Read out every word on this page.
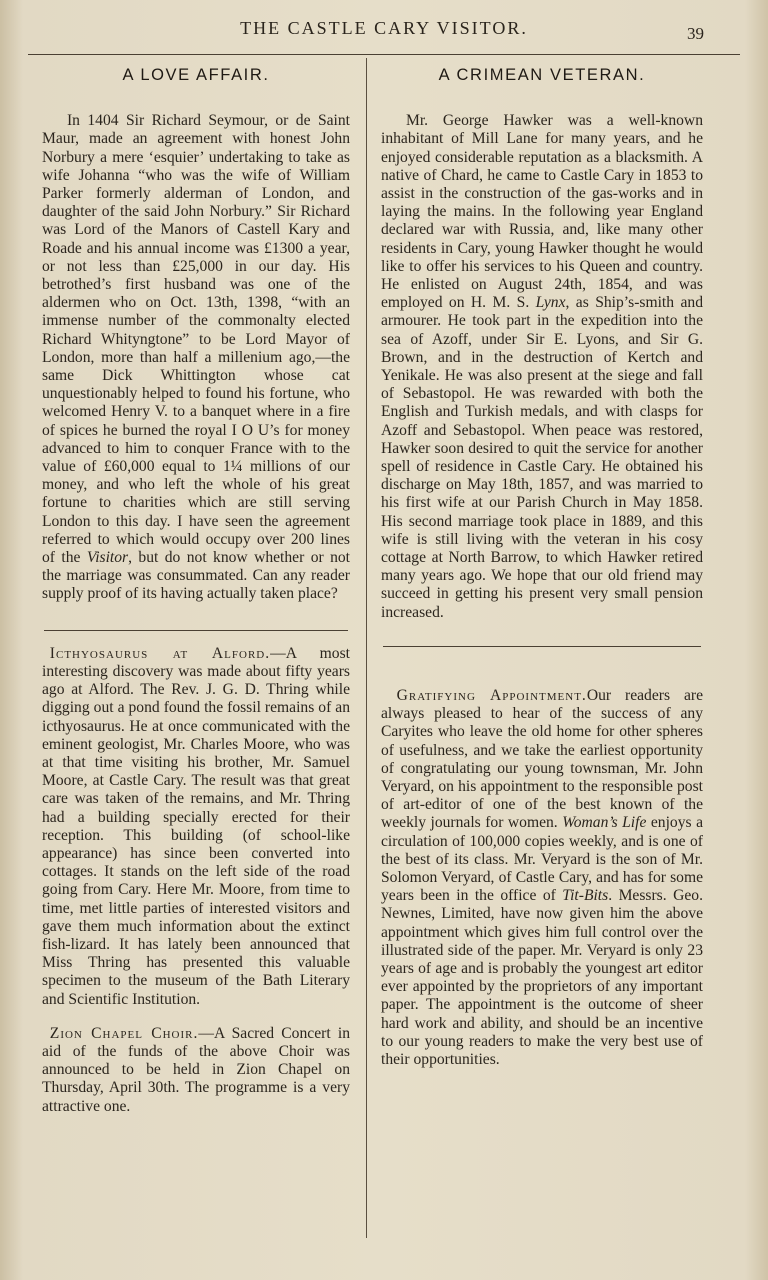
THE CASTLE CARY VISITOR.	39
A LOVE AFFAIR.

In 1404 Sir Richard Seymour, or de Saint Maur, made an agreement with honest John Norbury a mere ‘esquier’ undertaking to take as wife Johanna “who was the wife of William Parker formerly alderman of London, and daughter of the said John Norbury.” Sir Richard was Lord of the Manors of Castell Kary and Roade and his annual income was £1300 a year, or not less than £25,000 in our day. His betrothed’s first husband was one of the aldermen who on Oct. 13th, 1398, “with an immense number of the commonalty elected Richard Whityngtone” to be Lord Mayor of London, more than half a millenium ago,—the same Dick Whittington whose cat unquestionably helped to found his fortune, who welcomed Henry V. to a banquet where in a fire of spices he burned the royal I O U’s for money advanced to him to conquer France with to the value of £60,000 equal to 1¼ millions of our money, and who left the whole of his great fortune to charities which are still serving London to this day. I have seen the agreement referred to which would occupy over 200 lines of the Visitor, but do not know whether or not the marriage was consummated. Can any reader supply proof of its having actually taken place?

Icthyosaurus at Alford.—A most interesting discovery was made about fifty years ago at Alford. The Rev. J. G. D. Thring while digging out a pond found the fossil remains of an icthyosaurus. He at once communicated with the eminent geologist, Mr. Charles Moore, who was at that time visiting his brother, Mr. Samuel Moore, at Castle Cary. The result was that great care was taken of the remains, and Mr. Thring had a building specially erected for their reception. This building (of school-like appearance) has since been converted into cottages. It stands on the left side of the road going from Cary. Here Mr. Moore, from time to time, met little parties of interested visitors and gave them much information about the extinct fish-lizard. It has lately been announced that Miss Thring has presented this valuable specimen to the museum of the Bath Literary and Scientific Institution.

Zion Chapel Choir.—A Sacred Concert in aid of the funds of the above Choir was announced to be held in Zion Chapel on Thursday, April 30th. The programme is a very attractive one.

A CRIMEAN VETERAN.

Mr. George Hawker was a well-known inhabitant of Mill Lane for many years, and he enjoyed considerable reputation as a blacksmith. A native of Chard, he came to Castle Cary in 1853 to assist in the construction of the gas-works and in laying the mains. In the following year England declared war with Russia, and, like many other residents in Cary, young Hawker thought he would like to offer his services to his Queen and country. He enlisted on August 24th, 1854, and was employed on H. M. S. Lynx, as Ship’s-smith and armourer. He took part in the expedition into the sea of Azoff, under Sir E. Lyons, and Sir G. Brown, and in the destruction of Kertch and Yenikale. He was also present at the siege and fall of Sebastopol. He was rewarded with both the English and Turkish medals, and with clasps for Azoff and Sebastopol. When peace was restored, Hawker soon desired to quit the service for another spell of residence in Castle Cary. He obtained his discharge on May 18th, 1857, and was married to his first wife at our Parish Church in May 1858. His second marriage took place in 1889, and this wife is still living with the veteran in his cosy cottage at North Barrow, to which Hawker retired many years ago. We hope that our old friend may succeed in getting his present very small pension increased.

Gratifying Appointment.Our readers are always pleased to hear of the success of any Caryites who leave the old home for other spheres of usefulness, and we take the earliest opportunity of congratulating our young townsman, Mr. John Veryard, on his appointment to the responsible post of art-editor of one of the best known of the weekly journals for women. Woman’s Life enjoys a circulation of 100,000 copies weekly, and is one of the best of its class. Mr. Veryard is the son of Mr. Solomon Veryard, of Castle Cary, and has for some years been in the office of Tit-Bits. Messrs. Geo. Newnes, Limited, have now given him the above appointment which gives him full control over the illustrated side of the paper. Mr. Veryard is only 23 years of age and is probably the youngest art editor ever appointed by the proprietors of any important paper. The appointment is the outcome of sheer hard work and ability, and should be an incentive to our young readers to make the very best use of their opportunities.
